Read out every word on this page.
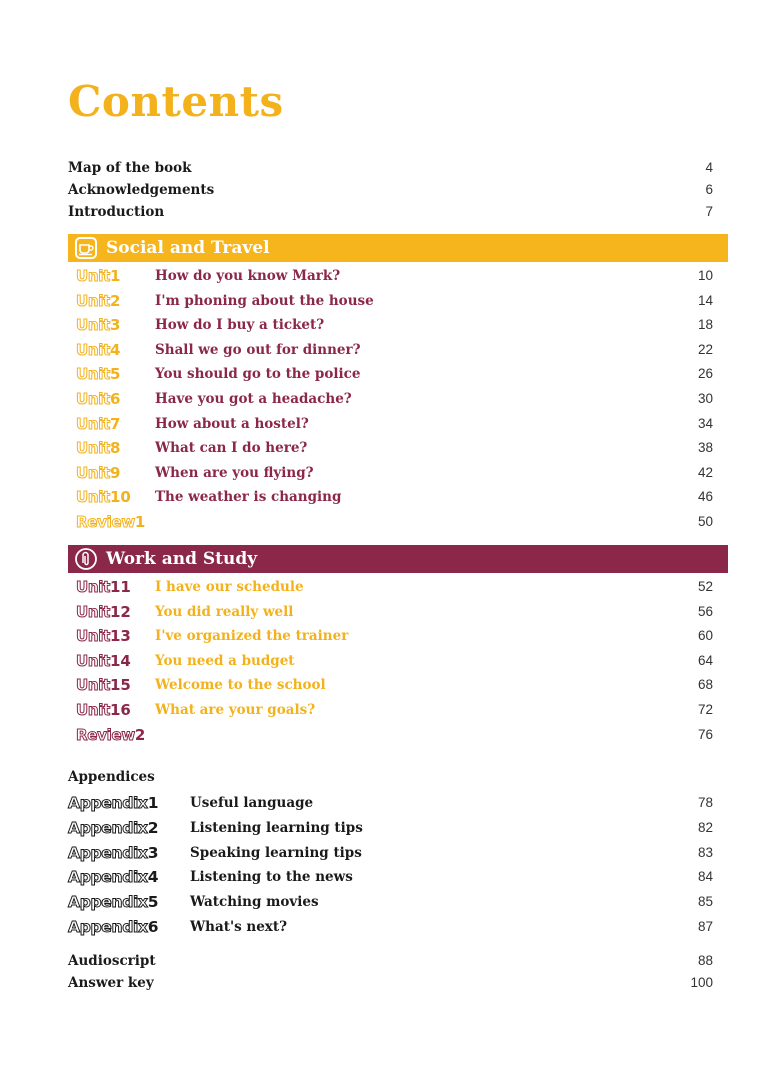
Contents
Map of the book	4
Acknowledgements	6
Introduction	7
Social and Travel
Unit1	How do you know Mark?	10
Unit2	I'm phoning about the house	14
Unit3	How do I buy a ticket?	18
Unit4	Shall we go out for dinner?	22
Unit5	You should go to the police	26
Unit6	Have you got a headache?	30
Unit7	How about a hostel?	34
Unit8	What can I do here?	38
Unit9	When are you flying?	42
Unit10 The weather is changing	46
Review1	50
Work and Study
Unit11 I have our schedule	52
Unit12 You did really well	56
Unit13 I've organized the trainer	60
Unit14 You need a budget	64
Unit15 Welcome to the school	68
Unit16 What are your goals?	72
Review2	76
Appendices
Appendix1 Useful language	78
Appendix2 Listening learning tips	82
Appendix3 Speaking learning tips	83
Appendix4 Listening to the news	84
Appendix5 Watching movies	85
Appendix6 What's next?	87
Audioscript	88
Answer key	100
